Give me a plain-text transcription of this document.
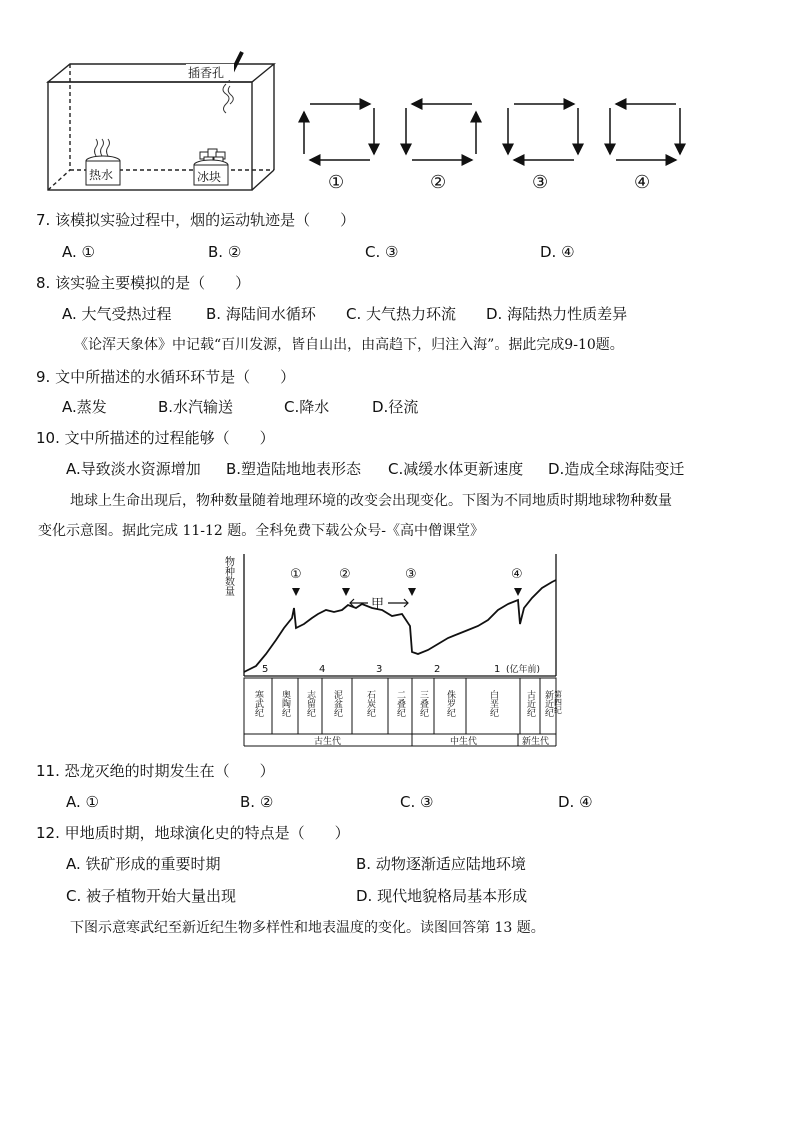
插香孔
热水	冰块	①	②	③	④
7. 该模拟实验过程中，烟的运动轨迹是（　　）
A. ①	B. ②	C. ③	D. ④
8. 该实验主要模拟的是（　　）
A. 大气受热过程 B. 海陆间水循环 C. 大气热力环流 D. 海陆热力性质差异
《论浑天象体》中记载“百川发源，皆自山出，由高趋下，归注入海”。据此完成9-10题。
9. 文中所描述的水循环环节是（　　）
A.蒸发	B.水汽输送	C.降水	D.径流
10. 文中所描述的过程能够（　　）
A.导致淡水资源增加 B.塑造陆地地表形态 C.减缓水体更新速度 D.造成全球海陆变迁
地球上生命出现后，物种数量随着地理环境的改变会出现变化。下图为不同地质时期地球物种数量
变化示意图。据此完成 11-12 题。全科免费下载公众号-《高中僧课堂》
①	②	③	④
甲
5	4	3	2	1 (亿年前)
寒武纪 奥陶纪 志留纪 泥盆纪	石炭纪 二叠纪 三叠纪 侏罗纪	白垩纪	古近纪 新近纪 第四纪
古生代	中生代	新生代
物种数量
11. 恐龙灭绝的时期发生在（　　）
A. ①	B. ②	C. ③	D. ④
12. 甲地质时期，地球演化史的特点是（　　）
A. 铁矿形成的重要时期	B. 动物逐渐适应陆地环境
C. 被子植物开始大量出现	D. 现代地貌格局基本形成
下图示意寒武纪至新近纪生物多样性和地表温度的变化。读图回答第 13 题。
